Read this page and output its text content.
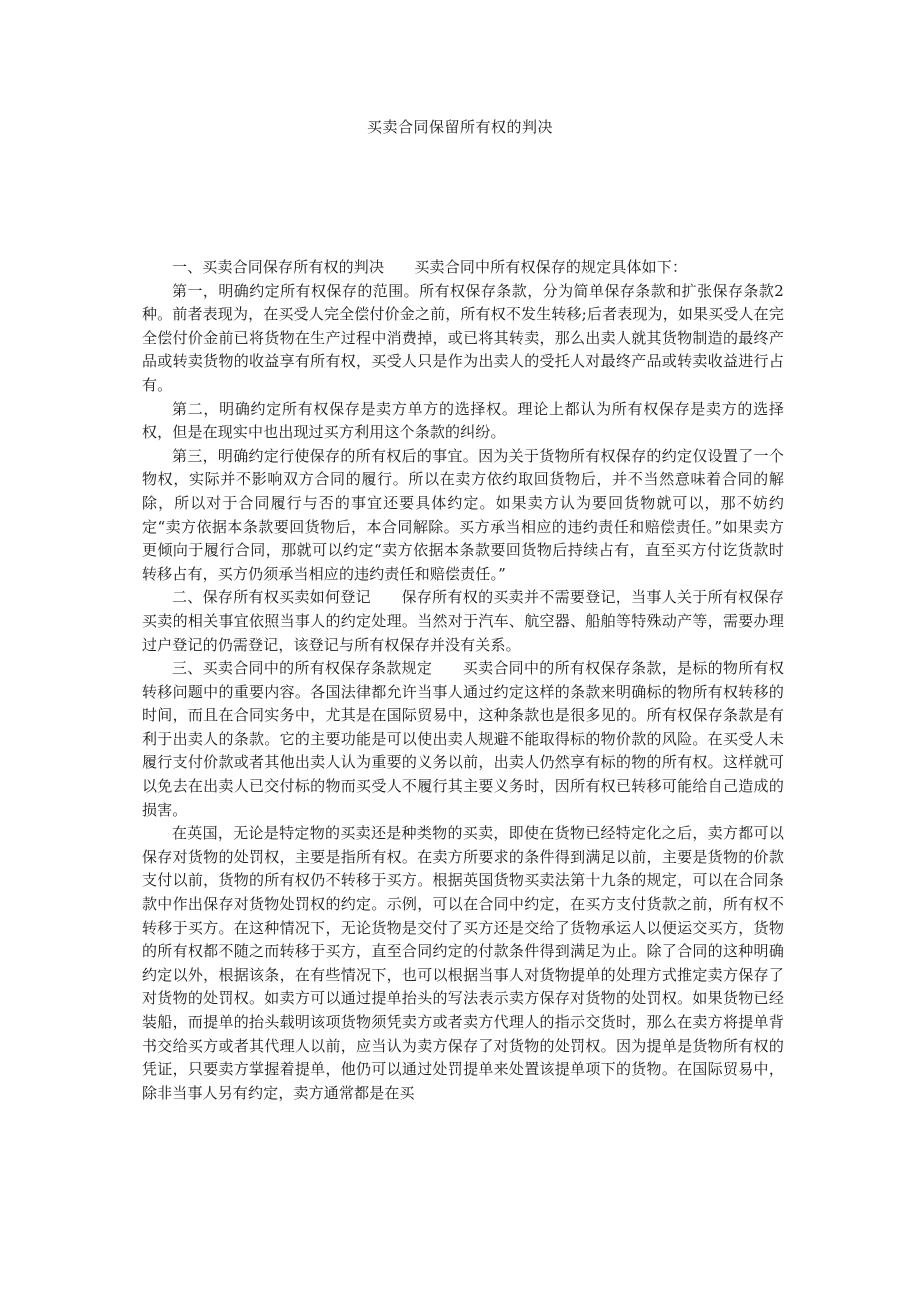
买卖合同保留所有权的判决

一、买卖合同保存所有权的判决　　买卖合同中所有权保存的规定具体如下：

第一，明确约定所有权保存的范围。所有权保存条款，分为简单保存条款和扩张保存条款2种。前者表现为，在买受人完全偿付价金之前，所有权不发生转移;后者表现为，如果买受人在完全偿付价金前已将货物在生产过程中消费掉，或已将其转卖，那么出卖人就其货物制造的最终产品或转卖货物的收益享有所有权，买受人只是作为出卖人的受托人对最终产品或转卖收益进行占有。

第二，明确约定所有权保存是卖方单方的选择权。理论上都认为所有权保存是卖方的选择权，但是在现实中也出现过买方利用这个条款的纠纷。

第三，明确约定行使保存的所有权后的事宜。因为关于货物所有权保存的约定仅设置了一个物权，实际并不影响双方合同的履行。所以在卖方依约取回货物后，并不当然意味着合同的解除，所以对于合同履行与否的事宜还要具体约定。如果卖方认为要回货物就可以，那不妨约定“卖方依据本条款要回货物后，本合同解除。买方承当相应的违约责任和赔偿责任。”如果卖方更倾向于履行合同，那就可以约定“卖方依据本条款要回货物后持续占有，直至买方付讫货款时转移占有，买方仍须承当相应的违约责任和赔偿责任。”

二、保存所有权买卖如何登记　　保存所有权的买卖并不需要登记，当事人关于所有权保存买卖的相关事宜依照当事人的约定处理。当然对于汽车、航空器、船舶等特殊动产等，需要办理过户登记的仍需登记，该登记与所有权保存并没有关系。

三、买卖合同中的所有权保存条款规定　　买卖合同中的所有权保存条款，是标的物所有权转移问题中的重要内容。各国法律都允许当事人通过约定这样的条款来明确标的物所有权转移的时间，而且在合同实务中，尤其是在国际贸易中，这种条款也是很多见的。所有权保存条款是有利于出卖人的条款。它的主要功能是可以使出卖人规避不能取得标的物价款的风险。在买受人未履行支付价款或者其他出卖人认为重要的义务以前，出卖人仍然享有标的物的所有权。这样就可以免去在出卖人已交付标的物而买受人不履行其主要义务时，因所有权已转移可能给自己造成的损害。

在英国，无论是特定物的买卖还是种类物的买卖，即使在货物已经特定化之后，卖方都可以保存对货物的处罚权，主要是指所有权。在卖方所要求的条件得到满足以前，主要是货物的价款支付以前，货物的所有权仍不转移于买方。根据英国货物买卖法第十九条的规定，可以在合同条款中作出保存对货物处罚权的约定。示例，可以在合同中约定，在买方支付货款之前，所有权不转移于买方。在这种情况下，无论货物是交付了买方还是交给了货物承运人以便运交买方，货物的所有权都不随之而转移于买方，直至合同约定的付款条件得到满足为止。除了合同的这种明确约定以外，根据该条，在有些情况下，也可以根据当事人对货物提单的处理方式推定卖方保存了对货物的处罚权。如卖方可以通过提单抬头的写法表示卖方保存对货物的处罚权。如果货物已经装船，而提单的抬头载明该项货物须凭卖方或者卖方代理人的指示交货时，那么在卖方将提单背书交给买方或者其代理人以前，应当认为卖方保存了对货物的处罚权。因为提单是货物所有权的凭证，只要卖方掌握着提单，他仍可以通过处罚提单来处置该提单项下的货物。在国际贸易中，除非当事人另有约定，卖方通常都是在买
